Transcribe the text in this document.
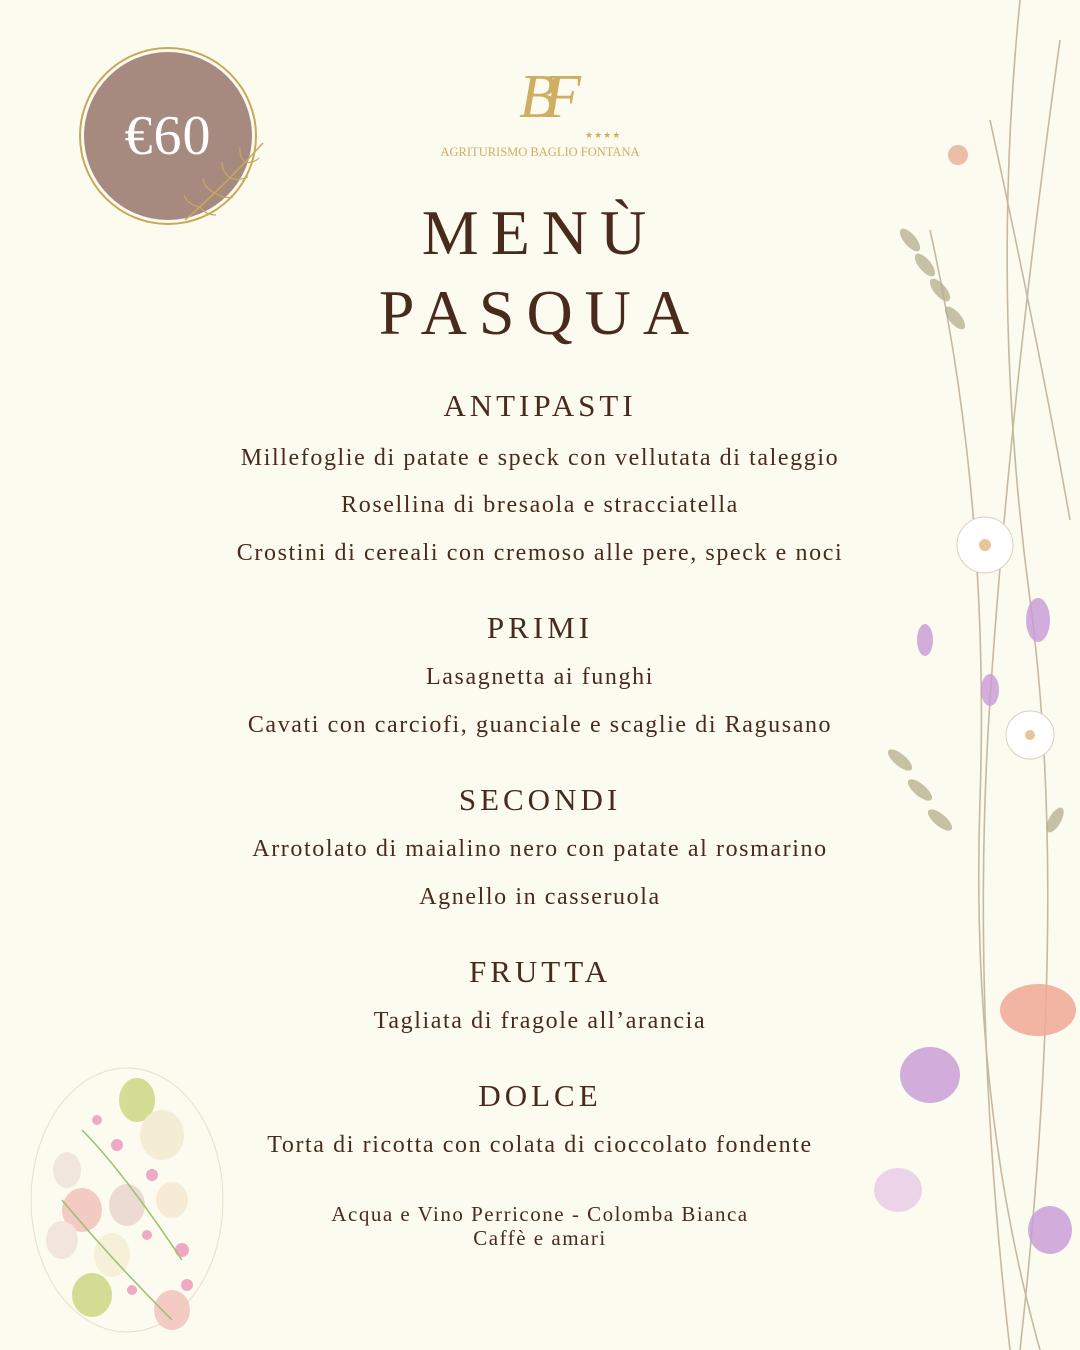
€60
BF
★★★★
AGRITURISMO BAGLIO FONTANA
MENÙ
PASQUA
ANTIPASTI
Millefoglie di patate e speck con vellutata di taleggio
Rosellina di bresaola e stracciatella
Crostini di cereali con cremoso alle pere, speck e noci
PRIMI
Lasagnetta ai funghi
Cavati con carciofi, guanciale e scaglie di Ragusano
SECONDI
Arrotolato di maialino nero con patate al rosmarino
Agnello in casseruola
FRUTTA
Tagliata di fragole all’arancia
DOLCE
Torta di ricotta con colata di cioccolato fondente
Acqua e Vino Perricone - Colomba Bianca
Caffè e amari
